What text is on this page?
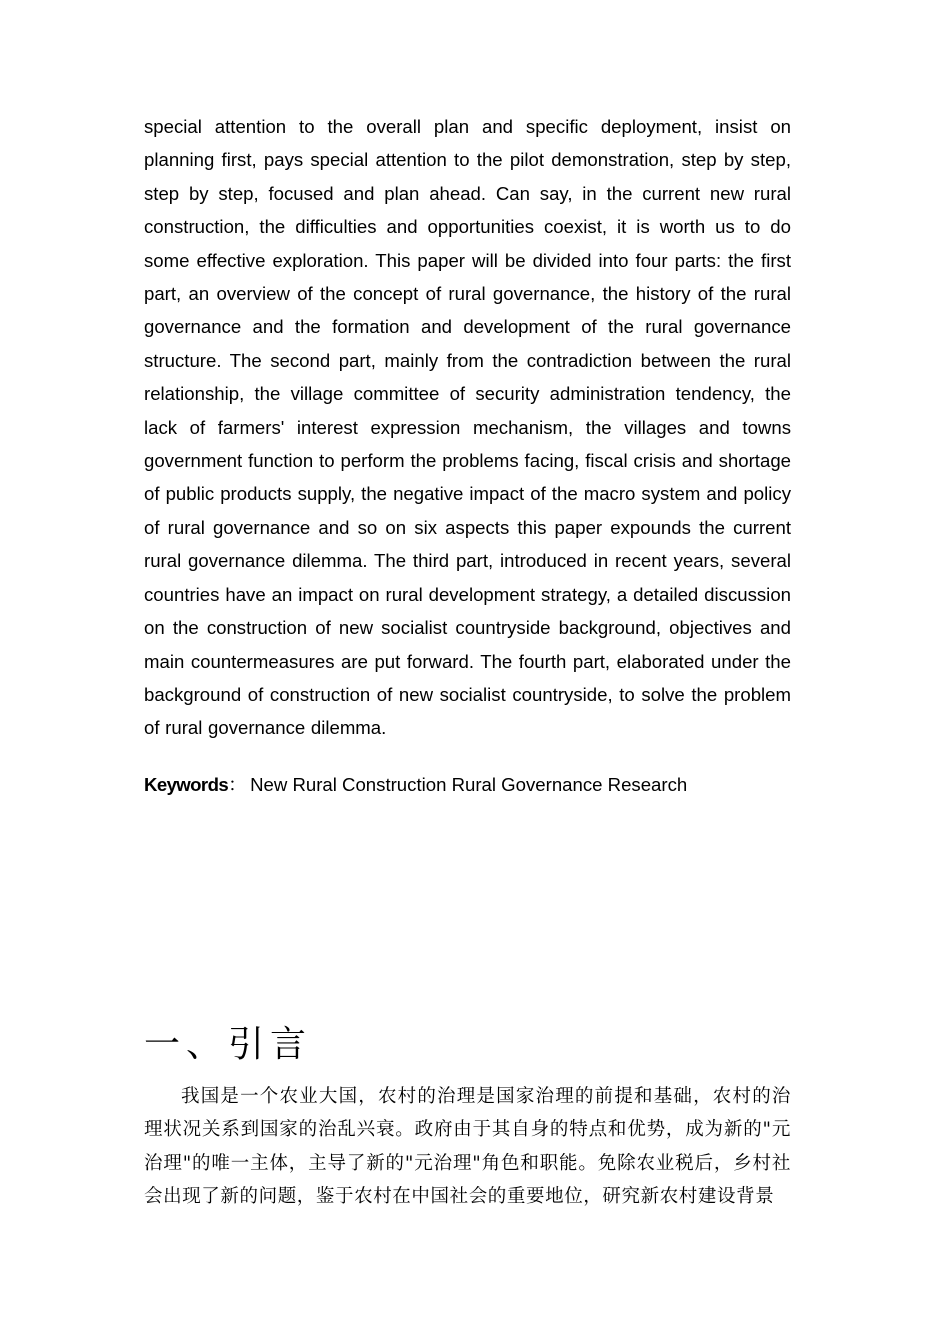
special attention to the overall plan and specific deployment, insist on planning first, pays special attention to the pilot demonstration, step by step, step by step, focused and plan ahead. Can say, in the current new rural construction, the difficulties and opportunities coexist, it is worth us to do some effective exploration. This paper will be divided into four parts: the first part, an overview of the concept of rural governance, the history of the rural governance and the formation and development of the rural governance structure. The second part, mainly from the contradiction between the rural relationship, the village committee of security administration tendency, the lack of farmers' interest expression mechanism, the villages and towns government function to perform the problems facing, fiscal crisis and shortage of public products supply, the negative impact of the macro system and policy of rural governance and so on six aspects this paper expounds the current rural governance dilemma. The third part, introduced in recent years, several countries have an impact on rural development strategy, a detailed discussion on the construction of new socialist countryside background, objectives and main countermeasures are put forward. The fourth part, elaborated under the background of construction of new socialist countryside, to solve the problem of rural governance dilemma.

Keywords： New Rural Construction Rural Governance Research

一、引言

我国是一个农业大国，农村的治理是国家治理的前提和基础，农村的治理状况关系到国家的治乱兴衰。政府由于其自身的特点和优势，成为新的"元治理"的唯一主体，主导了新的"元治理"角色和职能。免除农业税后，乡村社会出现了新的问题，鉴于农村在中国社会的重要地位，研究新农村建设背景
